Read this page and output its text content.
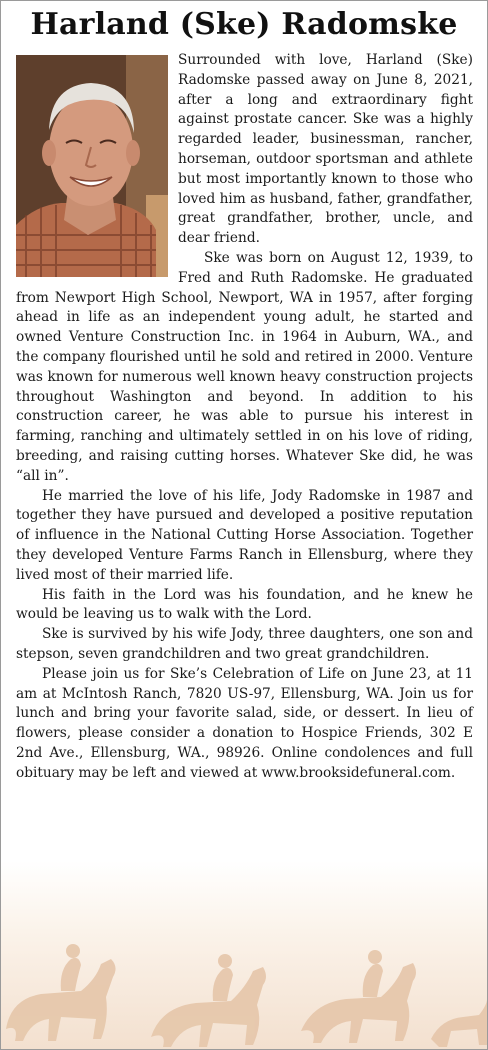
Harland (Ske) Radomske

Surrounded with love, Harland (Ske) Radomske passed away on June 8, 2021, after a long and extraordinary fight against prostate cancer. Ske was a highly regarded leader, businessman, rancher, horseman, outdoor sportsman and athlete but most importantly known to those who loved him as husband, father, grandfather, great grandfather, brother, uncle, and dear friend.

Ske was born on August 12, 1939, to Fred and Ruth Radomske. He graduated from Newport High School, Newport, WA in 1957, after forging ahead in life as an independent young adult, he started and owned Venture Construction Inc. in 1964 in Auburn, WA., and the company flourished until he sold and retired in 2000. Venture was known for numerous well known heavy construction projects throughout Washington and beyond. In addition to his construction career, he was able to pursue his interest in farming, ranching and ultimately settled in on his love of riding, breeding, and raising cutting horses. Whatever Ske did, he was “all in”.

He married the love of his life, Jody Radomske in 1987 and together they have pursued and developed a positive reputation of influence in the National Cutting Horse Association. Together they developed Venture Farms Ranch in Ellensburg, where they lived most of their married life.

His faith in the Lord was his foundation, and he knew he would be leaving us to walk with the Lord.

Ske is survived by his wife Jody, three daughters, one son and stepson, seven grandchildren and two great grandchildren.

Please join us for Ske’s Celebration of Life on June 23, at 11 am at McIntosh Ranch, 7820 US-97, Ellensburg, WA. Join us for lunch and bring your favorite salad, side, or dessert. In lieu of flowers, please consider a donation to Hospice Friends, 302 E 2nd Ave., Ellensburg, WA., 98926. Online condolences and full obituary may be left and viewed at www.brooksidefuneral.com.
